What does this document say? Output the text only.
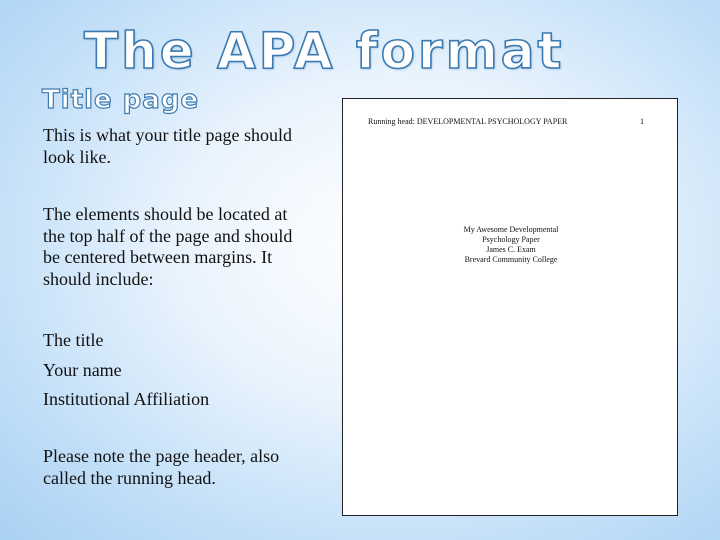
The APA format
Title page

This is what your title page should look like.

The elements should be located at the top half of the page and should be centered between margins. It should include:

The title
Your name
Institutional Affiliation

Please note the page header, also called the running head.

Running head: DEVELOPMENTAL PSYCHOLOGY PAPER	1
My Awesome Developmental
Psychology Paper
James C. Exam
Brevard Community College
